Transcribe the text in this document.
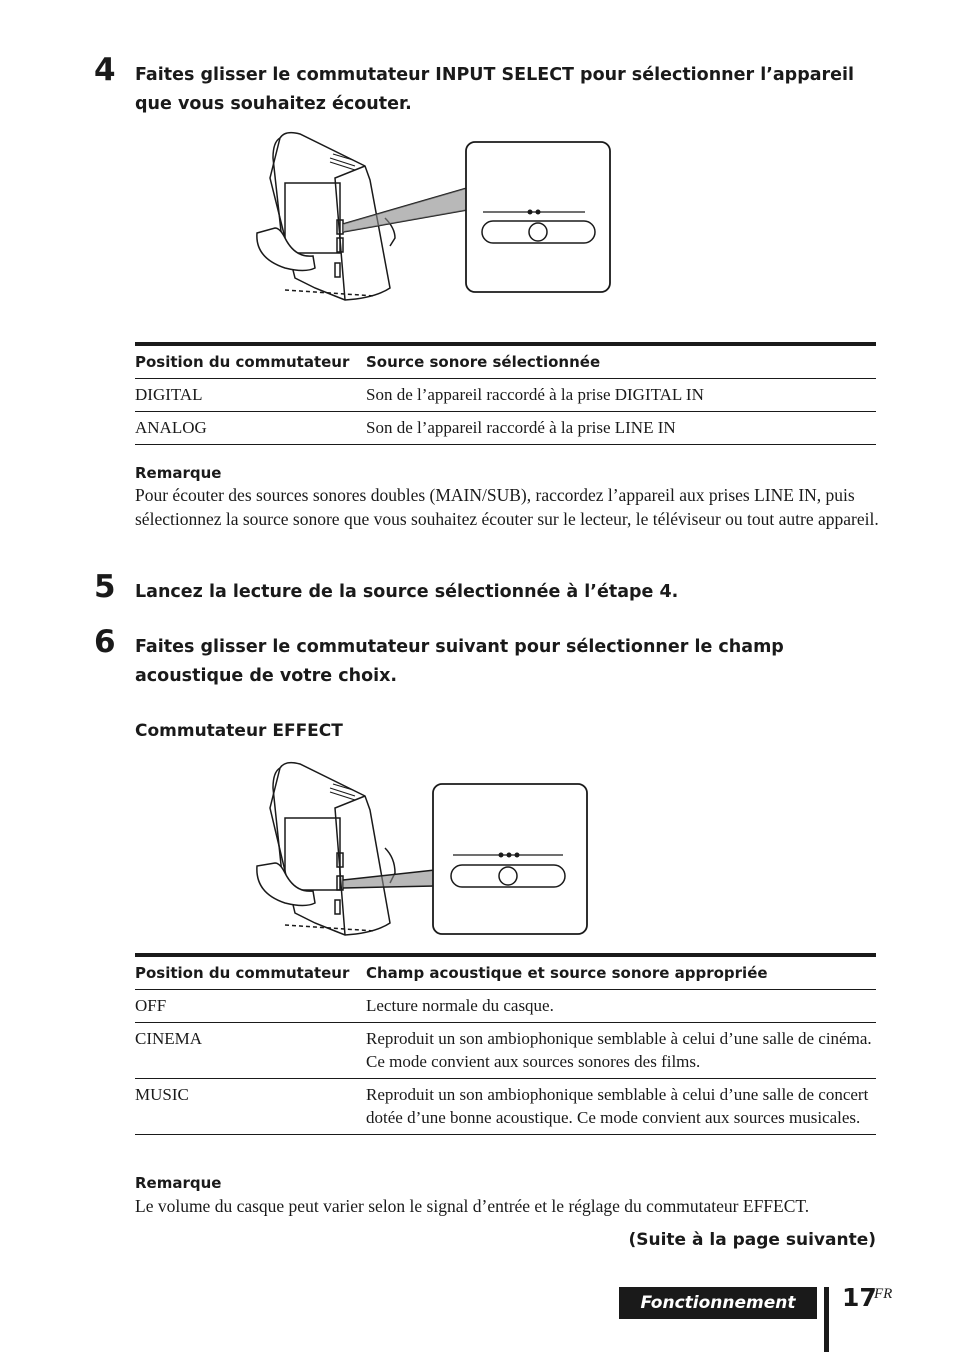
4 Faites glisser le commutateur INPUT SELECT pour sélectionner l’appareil que vous souhaitez écouter.
Position du commutateur	Source sonore sélectionnée
DIGITAL	Son de l’appareil raccordé à la prise DIGITAL IN
ANALOG	Son de l’appareil raccordé à la prise LINE IN
Remarque
Pour écouter des sources sonores doubles (MAIN/SUB), raccordez l’appareil aux prises LINE IN, puis sélectionnez la source sonore que vous souhaitez écouter sur le lecteur, le téléviseur ou tout autre appareil.
5 Lancez la lecture de la source sélectionnée à l’étape 4.
6 Faites glisser le commutateur suivant pour sélectionner le champ acoustique de votre choix.
Commutateur EFFECT
Position du commutateur	Champ acoustique et source sonore appropriée
OFF	Lecture normale du casque.
CINEMA	Reproduit un son ambiophonique semblable à celui d’une salle de cinéma. Ce mode convient aux sources sonores des films.
MUSIC	Reproduit un son ambiophonique semblable à celui d’une salle de concert dotée d’une bonne acoustique. Ce mode convient aux sources musicales.
Remarque
Le volume du casque peut varier selon le signal d’entrée et le réglage du commutateur EFFECT.
(Suite à la page suivante)
Fonctionnement	17
FR
